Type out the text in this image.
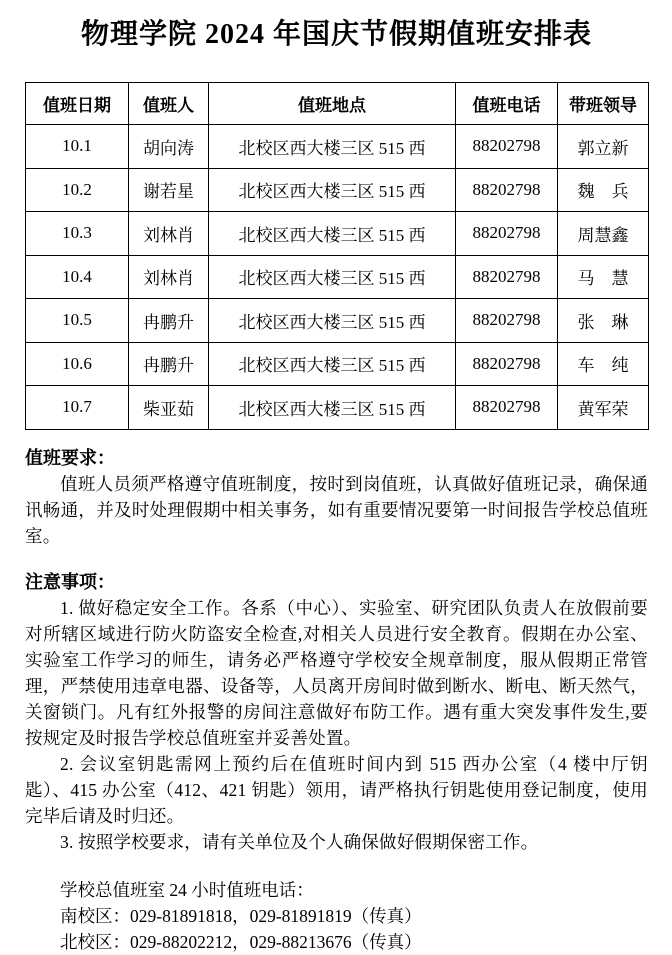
物理学院 2024 年国庆节假期值班安排表
值班日期	值班人	值班地点	值班电话	带班领导
10.1	胡向涛	北校区西大楼三区 515 西	88202798	郭立新
10.2	谢若星	北校区西大楼三区 515 西	88202798	魏　兵
10.3	刘林肖	北校区西大楼三区 515 西	88202798	周慧鑫
10.4	刘林肖	北校区西大楼三区 515 西	88202798	马　慧
10.5	冉鹏升	北校区西大楼三区 515 西	88202798	张　琳
10.6	冉鹏升	北校区西大楼三区 515 西	88202798	车　纯
10.7	柴亚茹	北校区西大楼三区 515 西	88202798	黄军荣
值班要求：

值班人员须严格遵守值班制度，按时到岗值班，认真做好值班记录，确保通讯畅通，并及时处理假期中相关事务，如有重要情况要第一时间报告学校总值班室。

注意事项：

1. 做好稳定安全工作。各系（中心）、实验室、研究团队负责人在放假前要对所辖区域进行防火防盗安全检查,对相关人员进行安全教育。假期在办公室、实验室工作学习的师生，请务必严格遵守学校安全规章制度，服从假期正常管理，严禁使用违章电器、设备等，人员离开房间时做到断水、断电、断天然气，关窗锁门。凡有红外报警的房间注意做好布防工作。遇有重大突发事件发生,要按规定及时报告学校总值班室并妥善处置。

2. 会议室钥匙需网上预约后在值班时间内到 515 西办公室（4 楼中厅钥匙）、415 办公室（412、421 钥匙）领用，请严格执行钥匙使用登记制度，使用完毕后请及时归还。

3. 按照学校要求，请有关单位及个人确保做好假期保密工作。

学校总值班室 24 小时值班电话：

南校区：029-81891818，029-81891819（传真）

北校区：029-88202212，029-88213676（传真）
